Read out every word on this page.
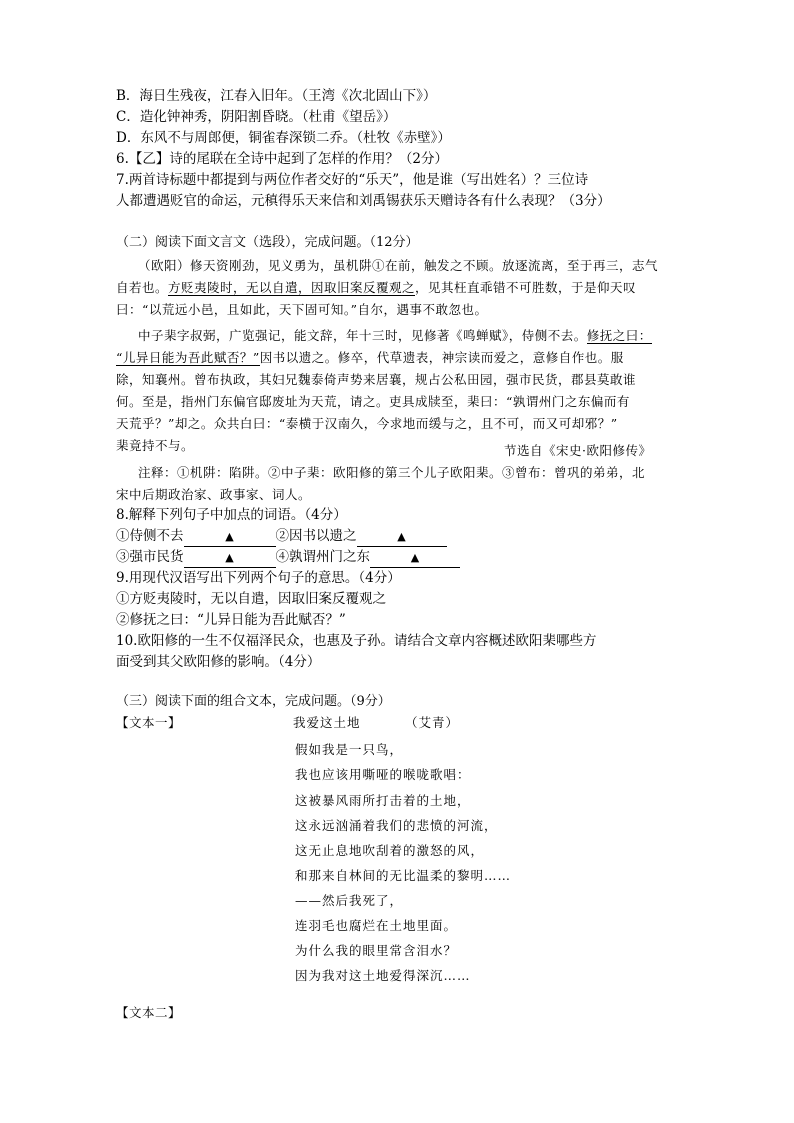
B．海日生残夜，江春入旧年。（王湾《次北固山下》）
C．造化钟神秀，阴阳割昏晓。（杜甫《望岳》）
D．东风不与周郎便，铜雀春深锁二乔。（杜牧《赤壁》）
6.【乙】诗的尾联在全诗中起到了怎样的作用？（2分）
7.两首诗标题中都提到与两位作者交好的“乐天”，他是谁（写出姓名）？三位诗
人都遭遇贬官的命运，元稹得乐天来信和刘禹锡获乐天赠诗各有什么表现？（3分）
（二）阅读下面文言文（选段），完成问题。（12分）
（欧阳）修天资刚劲，见义勇为，虽机阱①在前，触发之不顾。放逐流离，至于再三，志气
自若也。方贬夷陵时，无以自遣，因取旧案反覆观之，见其枉直乖错不可胜数，于是仰天叹
曰：“以荒远小邑，且如此，天下固可知。”自尔，遇事不敢忽也。
中子棐字叔弼，广览强记，能文辞，年十三时，见修著《鸣蝉赋》，侍侧不去。修抚之曰：
“儿异日能为吾此赋否？”因书以遗之。修卒，代草遗表，神宗读而爱之，意修自作也。服
除，知襄州。曾布执政，其妇兄魏泰倚声势来居襄，规占公私田园，强市民货，郡县莫敢谁
何。至是，指州门东偏官邸废址为天荒，请之。吏具成牍至，棐曰：“孰谓州门之东偏而有
天荒乎？”却之。众共白曰：“泰横于汉南久，今求地而缓与之，且不可，而又可却邪？”
棐竟持不与。	节选自《宋史·欧阳修传》
注释：①机阱：陷阱。②中子棐：欧阳修的第三个儿子欧阳棐。③曾布：曾巩的弟弟，北
宋中后期政治家、政事家、词人。
8.解释下列句子中加点的词语。（4分）
①侍侧不去	▲	②因书以遗之	▲
③强市民货	▲	④孰谓州门之东	▲
9.用现代汉语写出下列两个句子的意思。（4分）
①方贬夷陵时，无以自遣，因取旧案反覆观之
②修抚之曰：“儿异日能为吾此赋否？”
10.欧阳修的一生不仅福泽民众，也惠及子孙。请结合文章内容概述欧阳棐哪些方
面受到其父欧阳修的影响。（4分）
（三）阅读下面的组合文本，完成问题。（9分）
【文本一】	我爱这土地	（艾青）
假如我是一只鸟，
我也应该用嘶哑的喉咙歌唱：
这被暴风雨所打击着的土地，
这永远汹涌着我们的悲愤的河流，
这无止息地吹刮着的激怒的风，
和那来自林间的无比温柔的黎明……
——然后我死了，
连羽毛也腐烂在土地里面。
为什么我的眼里常含泪水？
因为我对这土地爱得深沉……
【文本二】
